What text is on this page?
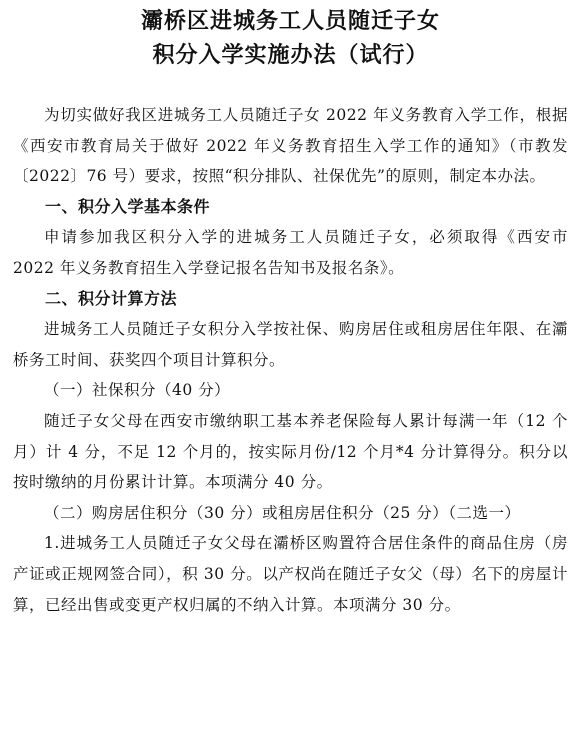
灞桥区进城务工人员随迁子女
积分入学实施办法（试行）

为切实做好我区进城务工人员随迁子女 2022 年义务教育入学工作，根据《西安市教育局关于做好 2022 年义务教育招生入学工作的通知》（市教发〔2022〕76 号）要求，按照“积分排队、社保优先”的原则，制定本办法。

一、积分入学基本条件

申请参加我区积分入学的进城务工人员随迁子女，必须取得《西安市 2022 年义务教育招生入学登记报名告知书及报名条》。

二、积分计算方法

进城务工人员随迁子女积分入学按社保、购房居住或租房居住年限、在灞桥务工时间、获奖四个项目计算积分。

（一）社保积分（40 分）

随迁子女父母在西安市缴纳职工基本养老保险每人累计每满一年（12 个月）计 4 分，不足 12 个月的，按实际月份/12 个月*4 分计算得分。积分以按时缴纳的月份累计计算。本项满分 40 分。

（二）购房居住积分（30 分）或租房居住积分（25 分）（二选一）

1.进城务工人员随迁子女父母在灞桥区购置符合居住条件的商品住房（房产证或正规网签合同），积 30 分。以产权尚在随迁子女父（母）名下的房屋计算，已经出售或变更产权归属的不纳入计算。本项满分 30 分。
